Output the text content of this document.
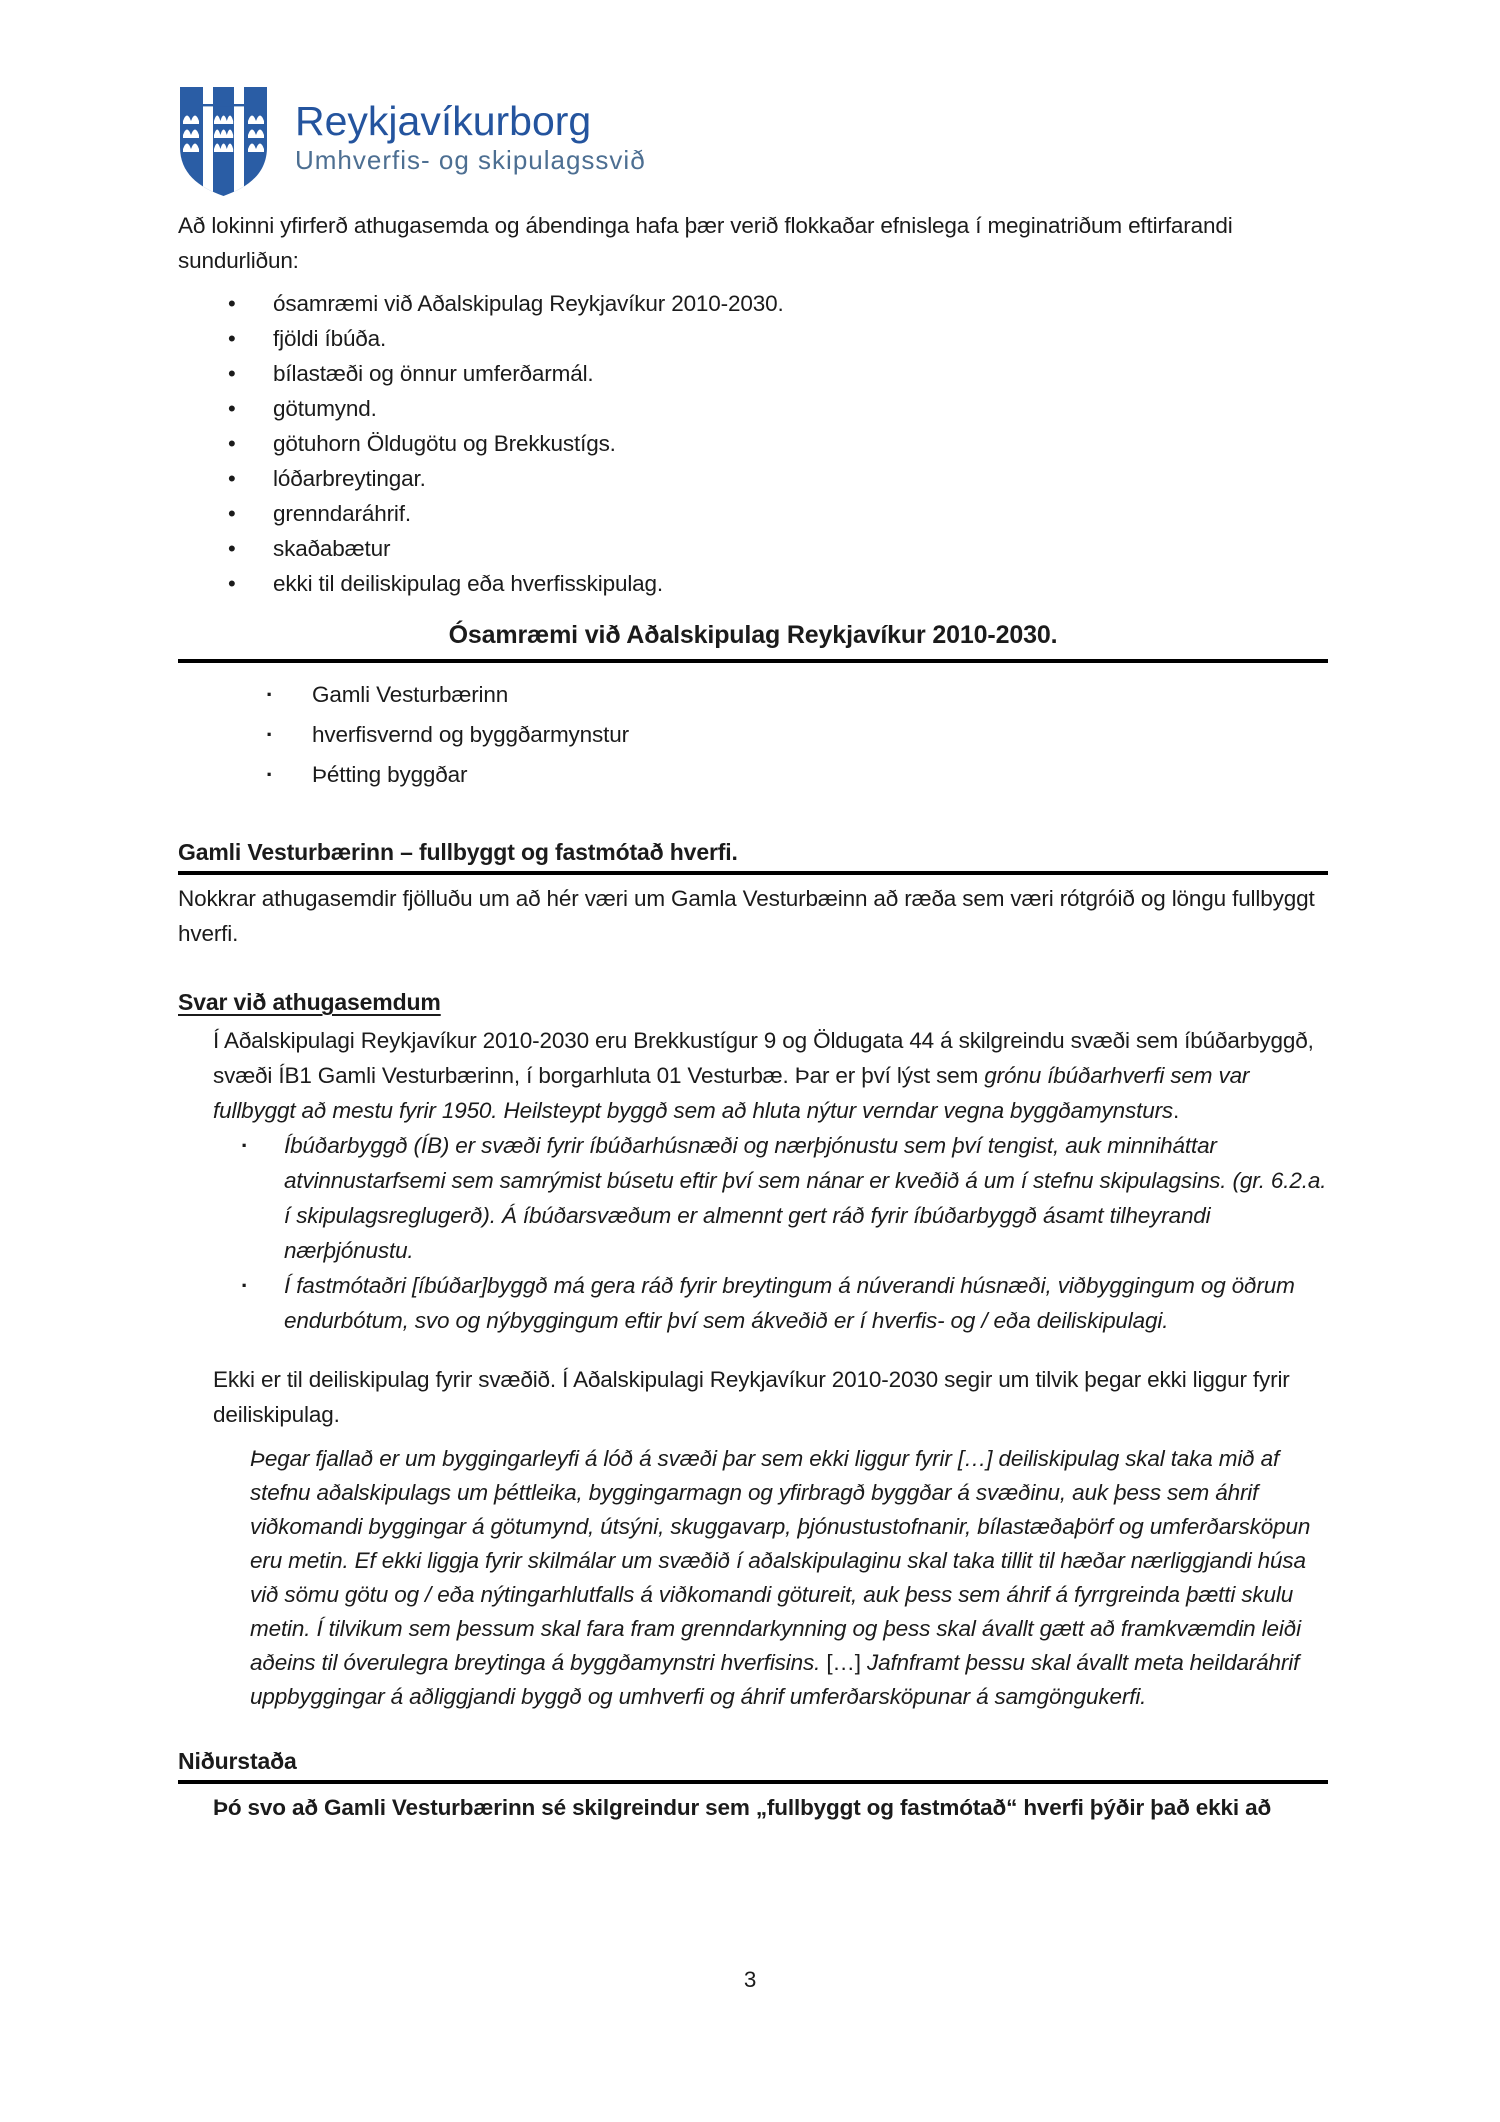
Reykjavíkurborg
Umhverfis- og skipulagssvið

Að lokinni yfirferð athugasemda og ábendinga hafa þær verið flokkaðar efnislega í meginatriðum eftirfarandi sundurliðun:

•
ósamræmi við Aðalskipulag Reykjavíkur 2010-2030.
•
fjöldi íbúða.
•
bílastæði og önnur umferðarmál.
•
götumynd.
•
götuhorn Öldugötu og Brekkustígs.
•
lóðarbreytingar.
•
grenndaráhrif.
•
skaðabætur
•
ekki til deiliskipulag eða hverfisskipulag.
Ósamræmi við Aðalskipulag Reykjavíkur 2010-2030.
·
Gamli Vesturbærinn
·
hverfisvernd og byggðarmynstur
·
Þétting byggðar
Gamli Vesturbærinn – fullbyggt og fastmótað hverfi.

Nokkrar athugasemdir fjölluðu um að hér væri um Gamla Vesturbæinn að ræða sem væri rótgróið og löngu fullbyggt hverfi.

Svar við athugasemdum

Í Aðalskipulagi Reykjavíkur 2010-2030 eru Brekkustígur 9 og Öldugata 44 á skilgreindu svæði sem íbúðarbyggð, svæði ÍB1 Gamli Vesturbærinn, í borgarhluta 01 Vesturbæ. Þar er því lýst sem grónu íbúðarhverfi sem var fullbyggt að mestu fyrir 1950. Heilsteypt byggð sem að hluta nýtur verndar vegna byggðamynsturs.

·
Íbúðarbyggð (ÍB) er svæði fyrir íbúðarhúsnæði og nærþjónustu sem því tengist, auk minniháttar atvinnustarfsemi sem samrýmist búsetu eftir því sem nánar er kveðið á um í stefnu skipulagsins. (gr. 6.2.a. í skipulagsreglugerð). Á íbúðarsvæðum er almennt gert ráð fyrir íbúðarbyggð ásamt tilheyrandi nærþjónustu.
·
Í fastmótaðri [íbúðar]byggð má gera ráð fyrir breytingum á núverandi húsnæði, viðbyggingum og öðrum endurbótum, svo og nýbyggingum eftir því sem ákveðið er í hverfis- og / eða deiliskipulagi.

Ekki er til deiliskipulag fyrir svæðið. Í Aðalskipulagi Reykjavíkur 2010-2030 segir um tilvik þegar ekki liggur fyrir deiliskipulag.

Þegar fjallað er um byggingarleyfi á lóð á svæði þar sem ekki liggur fyrir […] deiliskipulag skal taka mið af stefnu aðalskipulags um þéttleika, byggingarmagn og yfirbragð byggðar á svæðinu, auk þess sem áhrif viðkomandi byggingar á götumynd, útsýni, skuggavarp, þjónustustofnanir, bílastæðaþörf og umferðarsköpun eru metin. Ef ekki liggja fyrir skilmálar um svæðið í aðalskipulaginu skal taka tillit til hæðar nærliggjandi húsa við sömu götu og / eða nýtingarhlutfalls á viðkomandi götureit, auk þess sem áhrif á fyrrgreinda þætti skulu metin. Í tilvikum sem þessum skal fara fram grenndarkynning og þess skal ávallt gætt að framkvæmdin leiði aðeins til óverulegra breytinga á byggðamynstri hverfisins. […] Jafnframt þessu skal ávallt meta heildaráhrif uppbyggingar á aðliggjandi byggð og umhverfi og áhrif umferðarsköpunar á samgöngukerfi.
Niðurstaða

Þó svo að Gamli Vesturbærinn sé skilgreindur sem „fullbyggt og fastmótað“ hverfi þýðir það ekki að

3
